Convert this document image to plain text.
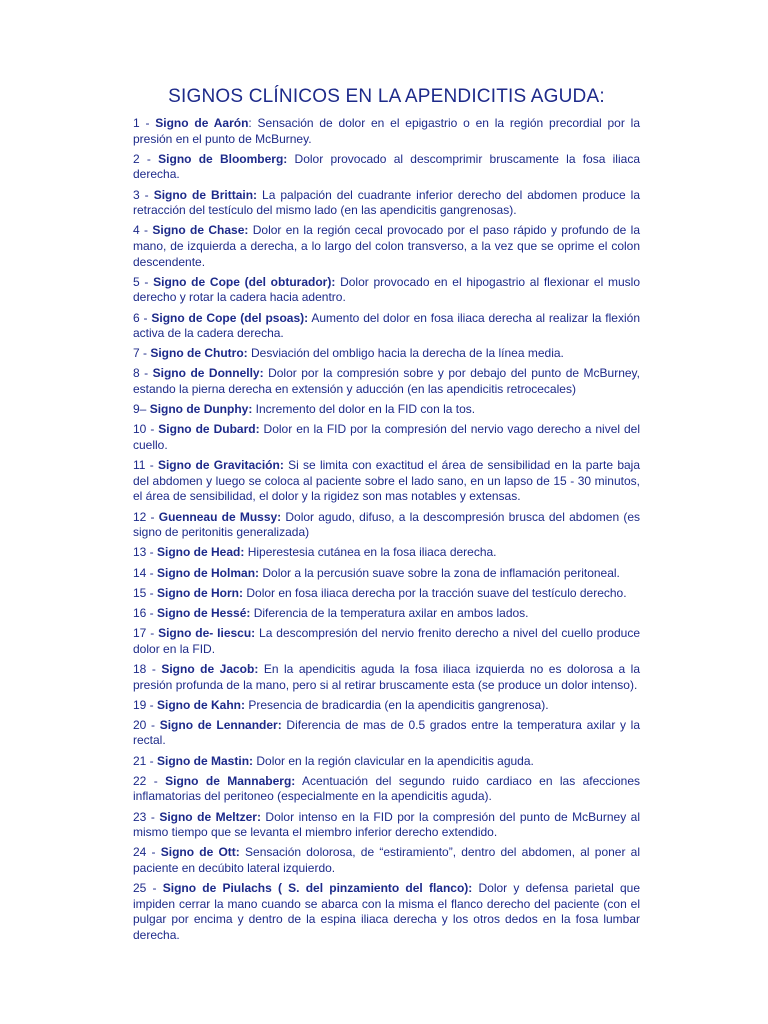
SIGNOS CLÍNICOS EN LA APENDICITIS AGUDA:
1 - Signo de Aarón: Sensación de dolor en el epigastrio o en la región precordial por la presión en el punto de McBurney.
2 - Signo de Bloomberg: Dolor provocado al descomprimir bruscamente la fosa iliaca derecha.
3 - Signo de Brittain: La palpación del cuadrante inferior derecho del abdomen produce la retracción del testículo del mismo lado (en las apendicitis gangrenosas).
4 - Signo de Chase: Dolor en la región cecal provocado por el paso rápido y profundo de la mano, de izquierda a derecha, a lo largo del colon transverso, a la vez que se oprime el colon descendente.
5 - Signo de Cope (del obturador): Dolor provocado en el hipogastrio al flexionar el muslo derecho y rotar la cadera hacia adentro.
6 - Signo de Cope (del psoas): Aumento del dolor en fosa iliaca derecha al realizar la flexión activa de la cadera derecha.
7 - Signo de Chutro: Desviación del ombligo hacia la derecha de la línea media.
8 - Signo de Donnelly: Dolor por la compresión sobre y por debajo del punto de McBurney, estando la pierna derecha en extensión y aducción (en las apendicitis retrocecales)
9– Signo de Dunphy: Incremento del dolor en la FID con la tos.
10 - Signo de Dubard: Dolor en la FID por la compresión del nervio vago derecho a nivel del cuello.
11 - Signo de Gravitación: Si se limita con exactitud el área de sensibilidad en la parte baja del abdomen y luego se coloca al paciente sobre el lado sano, en un lapso de 15 - 30 minutos, el área de sensibilidad, el dolor y la rigidez son mas notables y extensas.
12 - Guenneau de Mussy: Dolor agudo, difuso, a la descompresión brusca del abdomen (es signo de peritonitis generalizada)
13 - Signo de Head: Hiperestesia cutánea en la fosa iliaca derecha.
14 - Signo de Holman: Dolor a la percusión suave sobre la zona de inflamación peritoneal.
15 - Signo de Horn: Dolor en fosa iliaca derecha por la tracción suave del testículo derecho.
16 - Signo de Hessé: Diferencia de la temperatura axilar en ambos lados.
17 - Signo de- Iiescu: La descompresión del nervio frenito derecho a nivel del cuello produce dolor en la FID.
18 - Signo de Jacob: En la apendicitis aguda la fosa iliaca izquierda no es dolorosa a la presión profunda de la mano, pero si al retirar bruscamente esta (se produce un dolor intenso).
19 - Signo de Kahn: Presencia de bradicardia (en la apendicitis gangrenosa).
20 - Signo de Lennander: Diferencia de mas de 0.5 grados entre la temperatura axilar y la rectal.
21 - Signo de Mastin: Dolor en la región clavicular en la apendicitis aguda.
22 - Signo de Mannaberg: Acentuación del segundo ruido cardiaco en las afecciones inflamatorias del peritoneo (especialmente en la apendicitis aguda).
23 - Signo de Meltzer: Dolor intenso en la FID por la compresión del punto de McBurney al mismo tiempo que se levanta el miembro inferior derecho extendido.
24 - Signo de Ott: Sensación dolorosa, de “estiramiento”, dentro del abdomen, al poner al paciente en decúbito lateral izquierdo.
25 - Signo de Piulachs ( S. del pinzamiento del flanco): Dolor y defensa parietal que impiden cerrar la mano cuando se abarca con la misma el flanco derecho del paciente (con el pulgar por encima y dentro de la espina iliaca derecha y los otros dedos en la fosa lumbar derecha.
